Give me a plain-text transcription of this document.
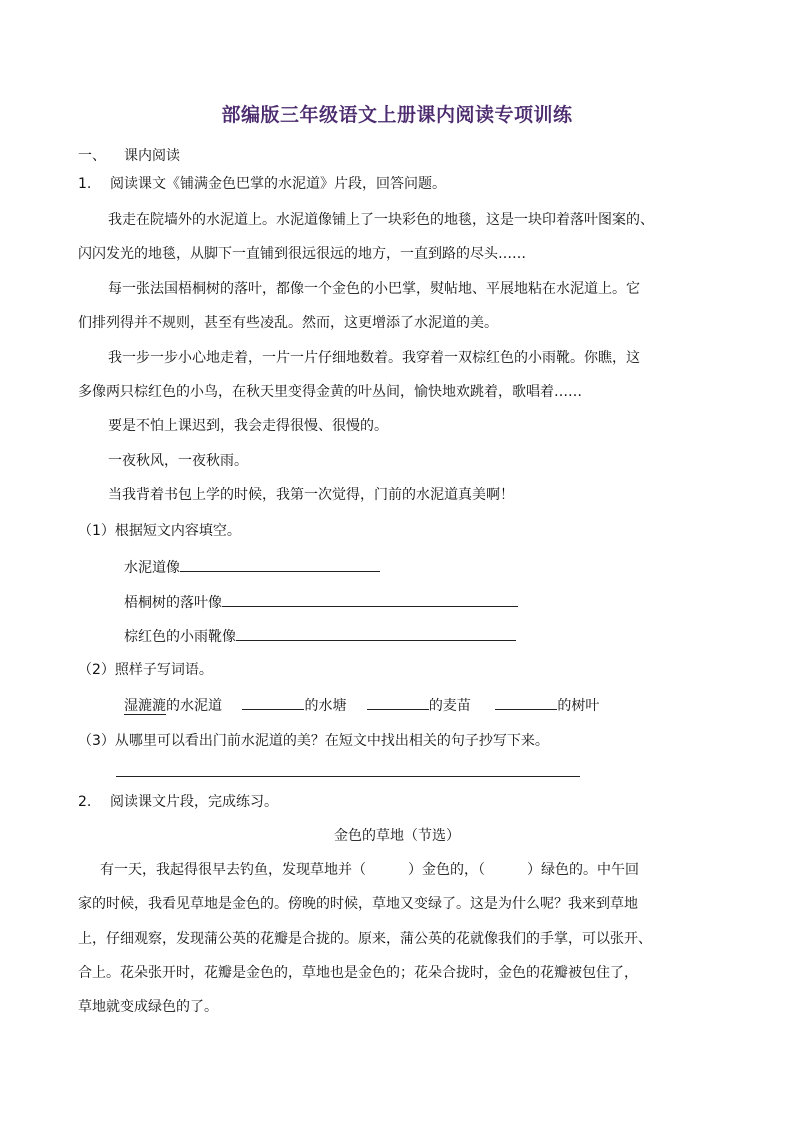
部编版三年级语文上册课内阅读专项训练
一、 课内阅读
1. 阅读课文《铺满金色巴掌的水泥道》片段，回答问题。
我走在院墙外的水泥道上。水泥道像铺上了一块彩色的地毯，这是一块印着落叶图案的、
闪闪发光的地毯，从脚下一直铺到很远很远的地方，一直到路的尽头……
每一张法国梧桐树的落叶，都像一个金色的小巴掌，熨帖地、平展地粘在水泥道上。它
们排列得并不规则，甚至有些凌乱。然而，这更增添了水泥道的美。
我一步一步小心地走着，一片一片仔细地数着。我穿着一双棕红色的小雨靴。你瞧，这
多像两只棕红色的小鸟，在秋天里变得金黄的叶丛间，愉快地欢跳着，歌唱着……
要是不怕上课迟到，我会走得很慢、很慢的。
一夜秋风，一夜秋雨。
当我背着书包上学的时候，我第一次觉得，门前的水泥道真美啊！
（1）根据短文内容填空。
水泥道像
梧桐树的落叶像
棕红色的小雨靴像
（2）照样子写词语。
湿漉漉的水泥道	的水塘	的麦苗	的树叶
（3）从哪里可以看出门前水泥道的美？在短文中找出相关的句子抄写下来。
2. 阅读课文片段，完成练习。
金色的草地（节选）
有一天，我起得很早去钓鱼，发现草地并（　　　）金色的，（　　　）绿色的。中午回
家的时候，我看见草地是金色的。傍晚的时候，草地又变绿了。这是为什么呢？我来到草地
上，仔细观察，发现蒲公英的花瓣是合拢的。原来，蒲公英的花就像我们的手掌，可以张开、
合上。花朵张开时，花瓣是金色的，草地也是金色的；花朵合拢时，金色的花瓣被包住了，
草地就变成绿色的了。
